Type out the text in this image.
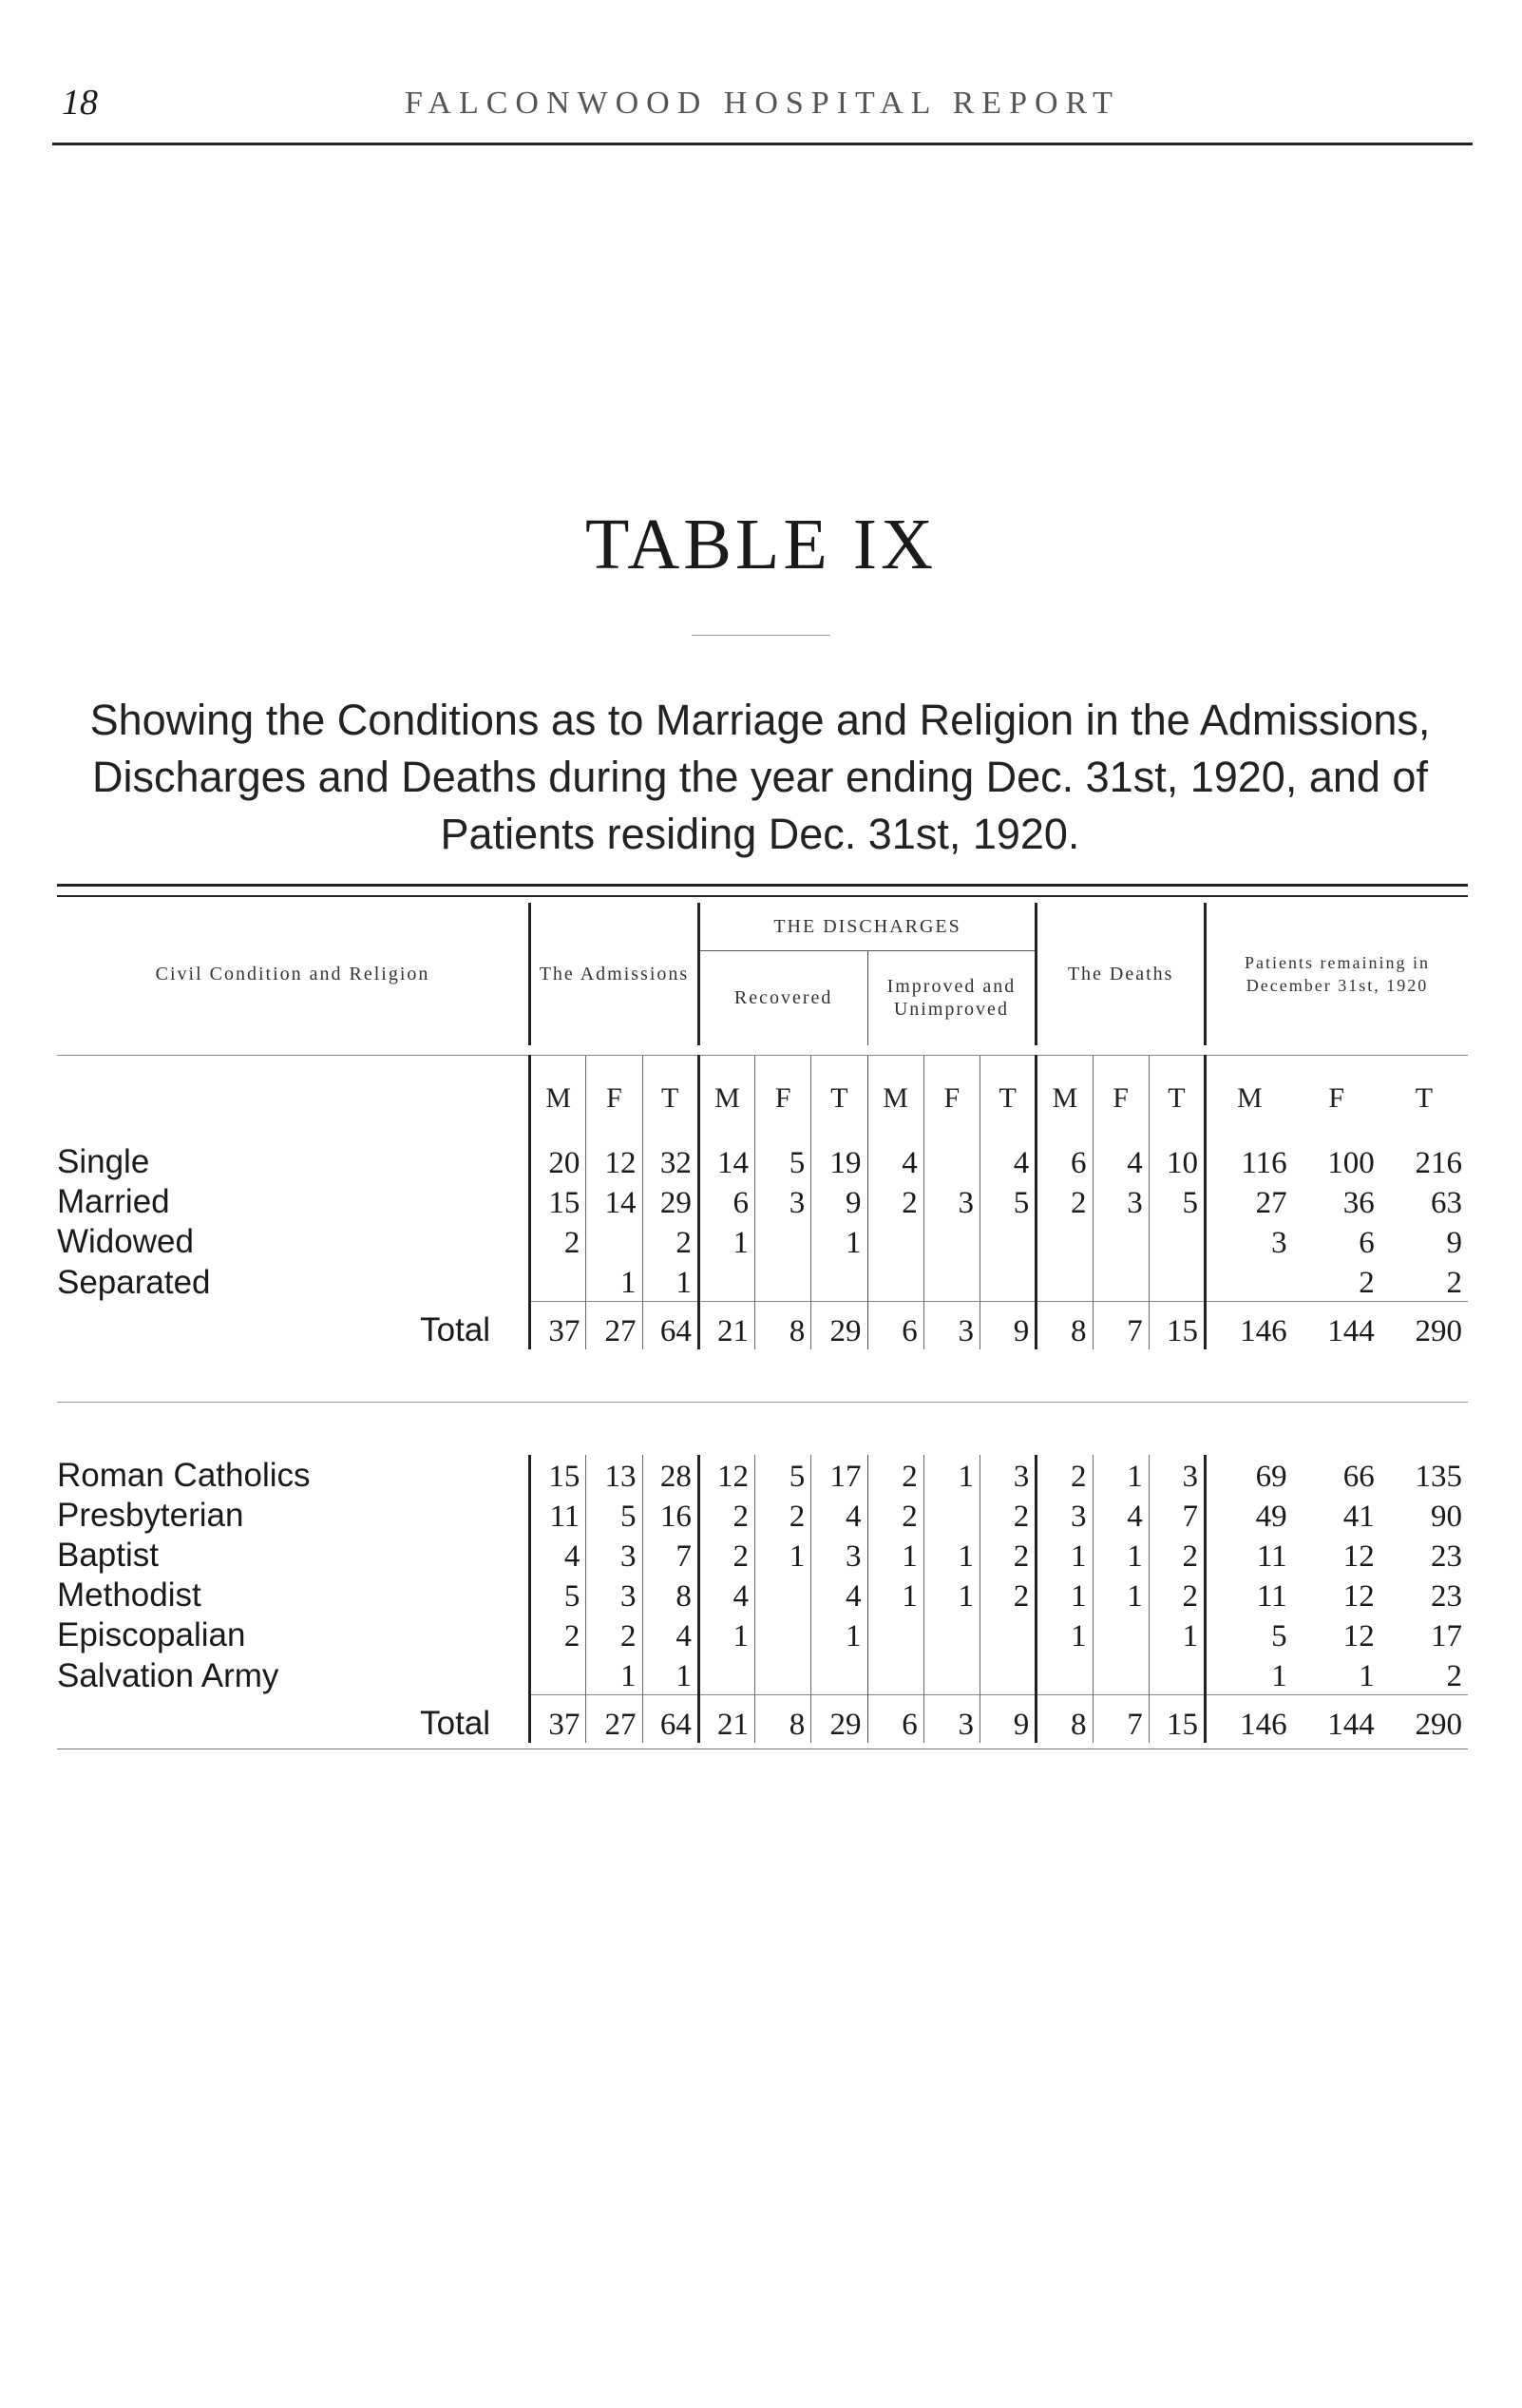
18	FALCONWOOD HOSPITAL REPORT
TABLE IX
Showing the Conditions as to Marriage and Religion in the Admissions, Discharges and Deaths during the year ending Dec. 31st, 1920, and of Patients residing Dec. 31st, 1920.
Civil Condition and Religion	The Admissions			THE DISCHARGES						The Deaths			Patients remaining in December 31st, 1920		
				Recovered			Improved and Unimproved								

	M	F	T	M	F	T	M	F	T	M	F	T	M	F	T
Single	20	12	32	14	5	19	4		4	6	4	10	116	100	216
Married	15	14	29	6	3	9	2	3	5	2	3	5	27	36	63
Widowed	2		2	1		1							3	6	9
Separated		1	1											2	2
Total	37	27	64	21	8	29	6	3	9	8	7	15	146	144	290

Roman Catholics	15	13	28	12	5	17	2	1	3	2	1	3	69	66	135
Presbyterian	11	5	16	2	2	4	2		2	3	4	7	49	41	90
Baptist	4	3	7	2	1	3	1	1	2	1	1	2	11	12	23
Methodist	5	3	8	4		4	1	1	2	1	1	2	11	12	23
Episcopalian	2	2	4	1		1				1		1	5	12	17
Salvation Army		1	1										1	1	2
Total	37	27	64	21	8	29	6	3	9	8	7	15	146	144	290
